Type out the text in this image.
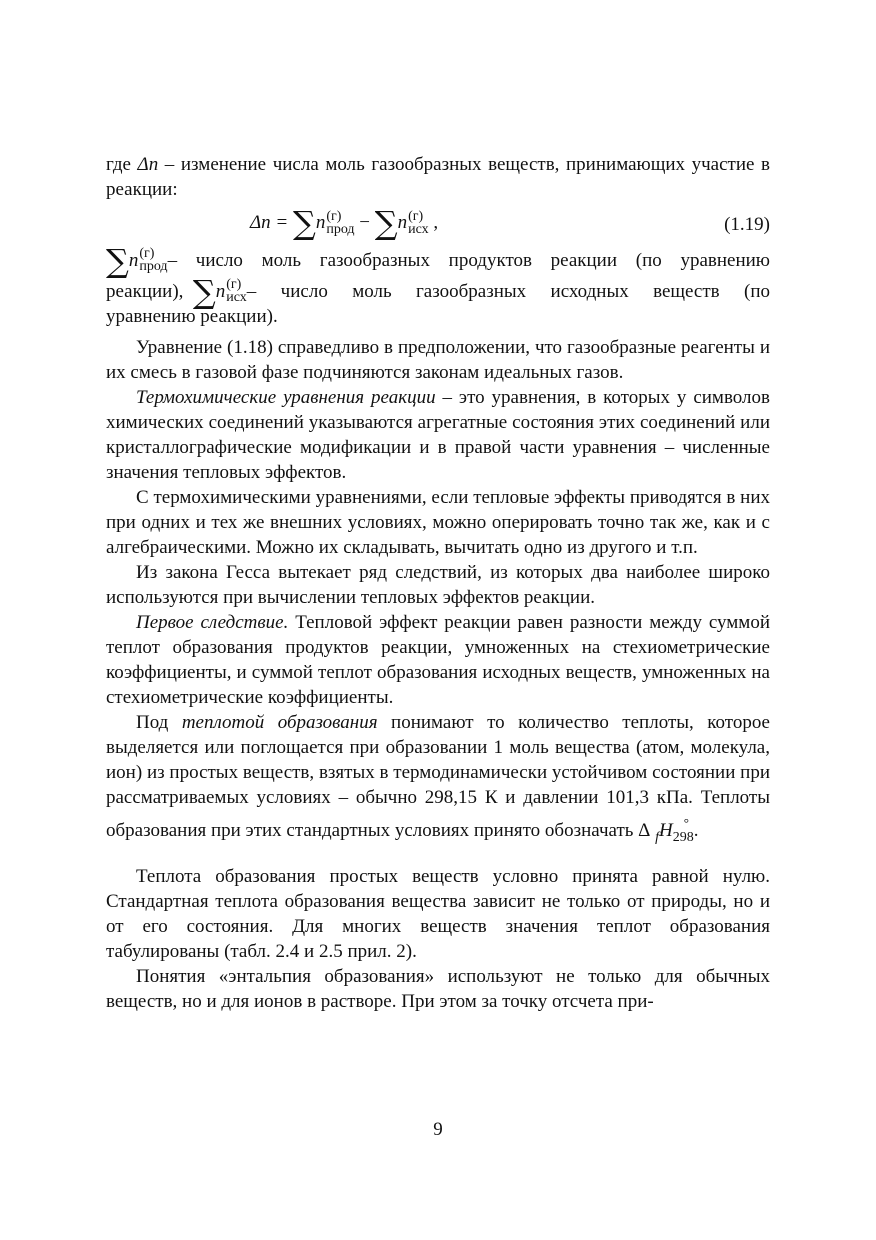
где Δn – изменение числа моль газообразных веществ, принимающих участие в реакции:

Δn = ∑n (г)
прод − ∑n (г)
исх ,	(1.19)
∑ n (г)
прод – число моль газообразных продуктов реакции (по уравнению
реакции),
∑ n (г)
исх – число моль газообразных исходных веществ (по

уравнению реакции).

Уравнение (1.18) справедливо в предположении, что газообразные реагенты и их смесь в газовой фазе подчиняются законам идеальных газов.

Термохимические уравнения реакции – это уравнения, в которых у символов химических соединений указываются агрегатные состояния этих соединений или кристаллографические модификации и в правой части уравнения – численные значения тепловых эффектов.

С термохимическими уравнениями, если тепловые эффекты приводятся в них при одних и тех же внешних условиях, можно оперировать точно так же, как и с алгебраическими. Можно их складывать, вычитать одно из другого и т.п.

Из закона Гесса вытекает ряд следствий, из которых два наиболее широко используются при вычислении тепловых эффектов реакции.

Первое следствие. Тепловой эффект реакции равен разности между суммой теплот образования продуктов реакции, умноженных на стехиометрические коэффициенты, и суммой теплот образования исходных веществ, умноженных на стехиометрические коэффициенты.

Под теплотой образования понимают то количество теплоты, которое выделяется или поглощается при образовании 1 моль вещества (атом, молекула, ион) из простых веществ, взятых в термодинамически устойчивом состоянии при рассматриваемых условиях – обычно 298,15 К и давлении 101,3 кПа. Теплоты образования при этих стандартных условиях принято обозначать Δ $_fH_{298}^\circ$ .

Теплота образования простых веществ условно принята равной нулю. Стандартная теплота образования вещества зависит не только от природы, но и от его состояния. Для многих веществ значения теплот образования табулированы (табл. 2.4 и 2.5 прил. 2).

Понятия «энтальпия образования» используют не только для обычных веществ, но и для ионов в растворе. При этом за точку отсчета при-

9
